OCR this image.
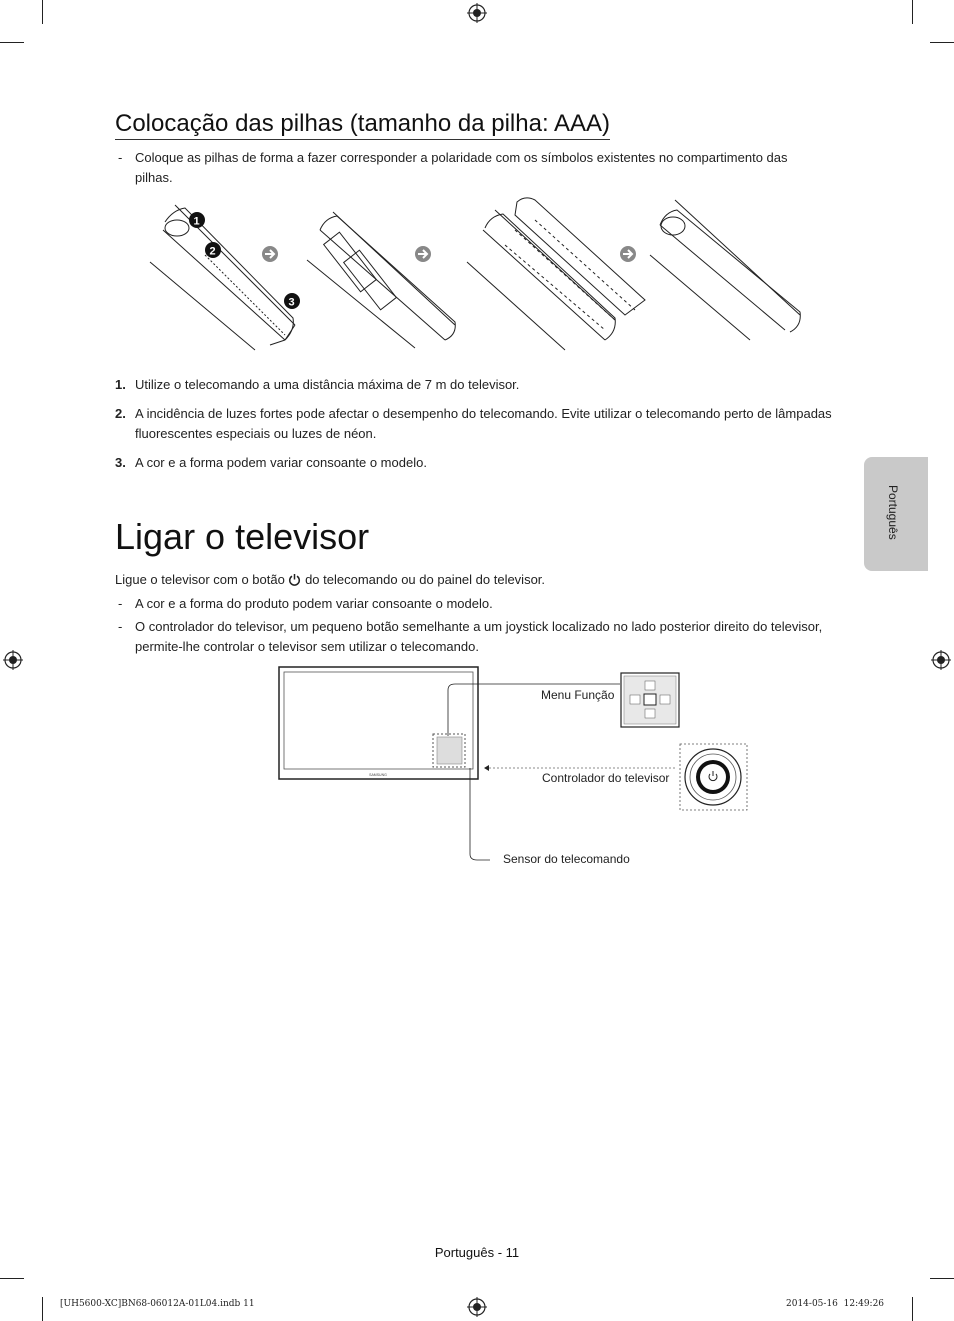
Colocação das pilhas (tamanho da pilha: AAA)
- Coloque as pilhas de forma a fazer corresponder a polaridade com os símbolos existentes no compartimento das
pilhas.
1
2
3
1. Utilize o telecomando a uma distância máxima de 7 m do televisor.
2. A incidência de luzes fortes pode afectar o desempenho do telecomando. Evite utilizar o telecomando perto de lâmpadas
fluorescentes especiais ou luzes de néon.
3. A cor e a forma podem variar consoante o modelo.
Português
Ligar o televisor
Ligue o televisor com o botão do telecomando ou do painel do televisor.
- A cor e a forma do produto podem variar consoante o modelo.
- O controlador do televisor, um pequeno botão semelhante a um joystick localizado no lado posterior direito do televisor,
permite-lhe controlar o televisor sem utilizar o telecomando.
SAMSUNG
Menu Função
Controlador do televisor
Sensor do telecomando
Português - 11
[UH5600-XC]BN68-06012A-01L04.indb 11	2014-05-16 ￼￼ 12:49:26
